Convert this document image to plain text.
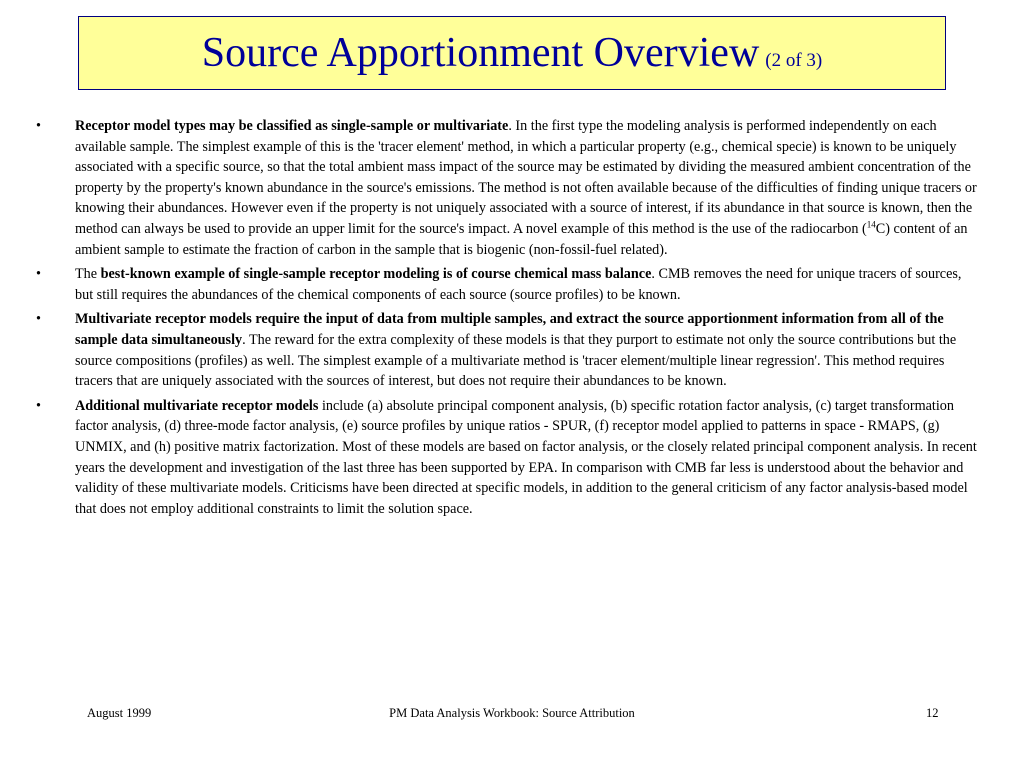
Source Apportionment Overview (2 of 3)
• Receptor model types may be classified as single-sample or multivariate. In the first type the modeling analysis is performed independently on each available sample. The simplest example of this is the 'tracer element' method, in which a particular property (e.g., chemical specie) is known to be uniquely associated with a specific source, so that the total ambient mass impact of the source may be estimated by dividing the measured ambient concentration of the property by the property's known abundance in the source's emissions. The method is not often available because of the difficulties of finding unique tracers or knowing their abundances. However even if the property is not uniquely associated with a source of interest, if its abundance in that source is known, then the method can always be used to provide an upper limit for the source's impact. A novel example of this method is the use of the radiocarbon ($^{14}$C) content of an ambient sample to estimate the fraction of carbon in the sample that is biogenic (non-fossil-fuel related).
• The best-known example of single-sample receptor modeling is of course chemical mass balance. CMB removes the need for unique tracers of sources, but still requires the abundances of the chemical components of each source (source profiles) to be known.
• Multivariate receptor models require the input of data from multiple samples, and extract the source apportionment information from all of the sample data simultaneously. The reward for the extra complexity of these models is that they purport to estimate not only the source contributions but the source compositions (profiles) as well. The simplest example of a multivariate method is 'tracer element/multiple linear regression'. This method requires tracers that are uniquely associated with the sources of interest, but does not require their abundances to be known.
• Additional multivariate receptor models include (a) absolute principal component analysis, (b) specific rotation factor analysis, (c) target transformation factor analysis, (d) three-mode factor analysis, (e) source profiles by unique ratios - SPUR, (f) receptor model applied to patterns in space - RMAPS, (g) UNMIX, and (h) positive matrix factorization. Most of these models are based on factor analysis, or the closely related principal component analysis. In recent years the development and investigation of the last three has been supported by EPA. In comparison with CMB far less is understood about the behavior and validity of these multivariate models. Criticisms have been directed at specific models, in addition to the general criticism of any factor analysis-based model that does not employ additional constraints to limit the solution space.
August 1999	PM Data Analysis Workbook: Source Attribution	12
